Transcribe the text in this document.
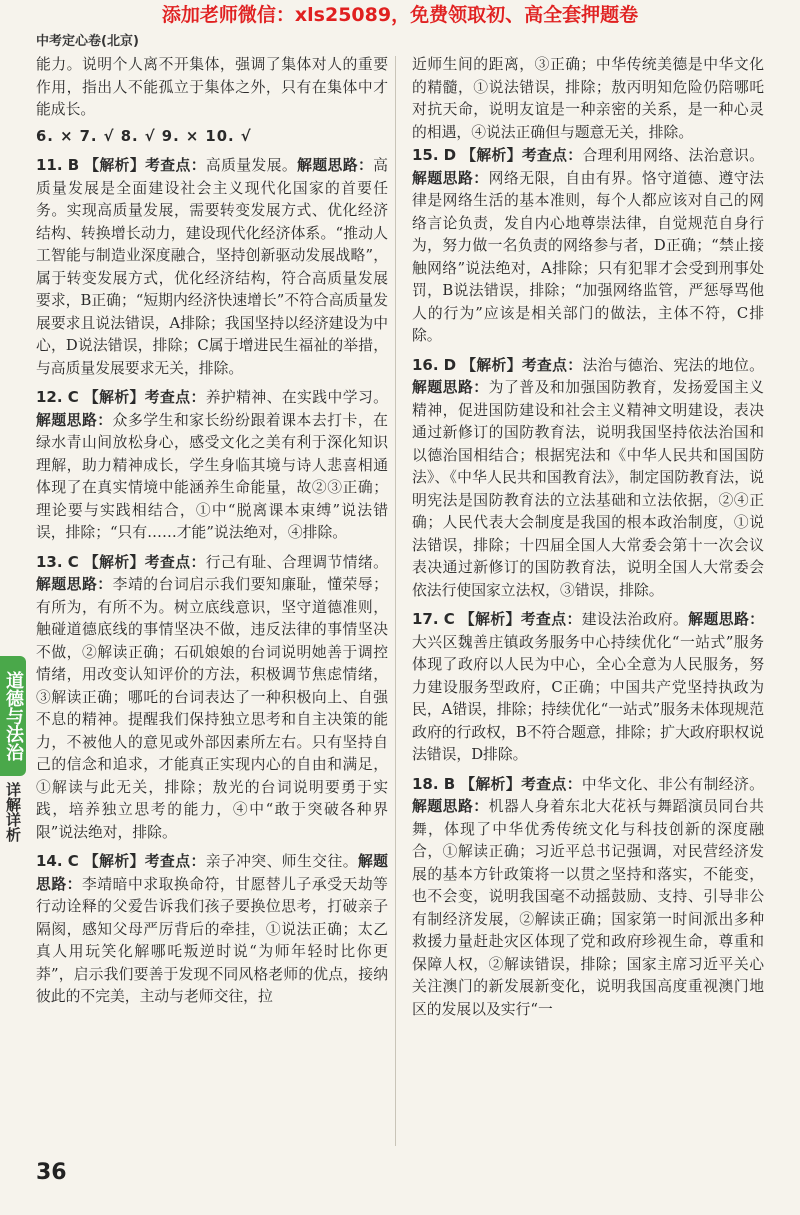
添加老师微信：xls25089，免费领取初、高全套押题卷
中考定心卷(北京)

能力。说明个人离不开集体，强调了集体对人的重要作用，指出人不能孤立于集体之外，只有在集体中才能成长。

6. × 7. √ 8. √ 9. × 10. √

11. B 【解析】考查点：高质量发展。解题思路：高质量发展是全面建设社会主义现代化国家的首要任务。实现高质量发展，需要转变发展方式、优化经济结构、转换增长动力，建设现代化经济体系。“推动人工智能与制造业深度融合，坚持创新驱动发展战略”，属于转变发展方式，优化经济结构，符合高质量发展要求，B正确；“短期内经济快速增长”不符合高质量发展要求且说法错误，A排除；我国坚持以经济建设为中心，D说法错误，排除；C属于增进民生福祉的举措，与高质量发展要求无关，排除。

12. C 【解析】考查点：养护精神、在实践中学习。解题思路：众多学生和家长纷纷跟着课本去打卡，在绿水青山间放松身心，感受文化之美有利于深化知识理解，助力精神成长，学生身临其境与诗人悲喜相通体现了在真实情境中能涵养生命能量，故②③正确；理论要与实践相结合，①中“脱离课本束缚”说法错误，排除；“只有……才能”说法绝对，④排除。

13. C 【解析】考查点：行己有耻、合理调节情绪。解题思路：李靖的台词启示我们要知廉耻，懂荣辱；有所为，有所不为。树立底线意识，坚守道德准则，触碰道德底线的事情坚决不做，违反法律的事情坚决不做，②解读正确；石矶娘娘的台词说明她善于调控情绪，用改变认知评价的方法，积极调节焦虑情绪，③解读正确；哪吒的台词表达了一种积极向上、自强不息的精神。提醒我们保持独立思考和自主决策的能力，不被他人的意见或外部因素所左右。只有坚持自己的信念和追求，才能真正实现内心的自由和满足，①解读与此无关，排除；敖光的台词说明要勇于实践，培养独立思考的能力，④中“敢于突破各种界限”说法绝对，排除。

14. C 【解析】考查点：亲子冲突、师生交往。解题思路：李靖暗中求取换命符，甘愿替儿子承受天劫等行动诠释的父爱告诉我们孩子要换位思考，打破亲子隔阂，感知父母严厉背后的牵挂，①说法正确；太乙真人用玩笑化解哪吒叛逆时说“为师年轻时比你更莽”，启示我们要善于发现不同风格老师的优点，接纳彼此的不完美，主动与老师交往，拉

近师生间的距离，③正确；中华传统美德是中华文化的精髓，①说法错误，排除；敖丙明知危险仍陪哪吒对抗天命，说明友谊是一种亲密的关系，是一种心灵的相遇，④说法正确但与题意无关，排除。

15. D 【解析】考查点：合理利用网络、法治意识。解题思路：网络无限，自由有界。恪守道德、遵守法律是网络生活的基本准则，每个人都应该对自己的网络言论负责，发自内心地尊崇法律，自觉规范自身行为，努力做一名负责的网络参与者，D正确；“禁止接触网络”说法绝对，A排除；只有犯罪才会受到刑事处罚，B说法错误，排除；“加强网络监管，严惩辱骂他人的行为”应该是相关部门的做法，主体不符，C排除。

16. D 【解析】考查点：法治与德治、宪法的地位。解题思路：为了普及和加强国防教育，发扬爱国主义精神，促进国防建设和社会主义精神文明建设，表决通过新修订的国防教育法，说明我国坚持依法治国和以德治国相结合；根据宪法和《中华人民共和国国防法》、《中华人民共和国教育法》，制定国防教育法，说明宪法是国防教育法的立法基础和立法依据，②④正确；人民代表大会制度是我国的根本政治制度，①说法错误，排除；十四届全国人大常委会第十一次会议表决通过新修订的国防教育法，说明全国人大常委会依法行使国家立法权，③错误，排除。

17. C 【解析】考查点：建设法治政府。解题思路：大兴区魏善庄镇政务服务中心持续优化“一站式”服务体现了政府以人民为中心，全心全意为人民服务，努力建设服务型政府，C正确；中国共产党坚持执政为民，A错误，排除；持续优化“一站式”服务未体现规范政府的行政权，B不符合题意，排除；扩大政府职权说法错误，D排除。

18. B 【解析】考查点：中华文化、非公有制经济。解题思路：机器人身着东北大花袄与舞蹈演员同台共舞，体现了中华优秀传统文化与科技创新的深度融合，①解读正确；习近平总书记强调，对民营经济发展的基本方针政策将一以贯之坚持和落实，不能变，也不会变，说明我国毫不动摇鼓励、支持、引导非公有制经济发展，②解读正确；国家第一时间派出多种救援力量赶赴灾区体现了党和政府珍视生命，尊重和保障人权，②解读错误，排除；国家主席习近平关心关注澳门的新发展新变化，说明我国高度重视澳门地区的发展以及实行“一

道德与法治
详解详析
36
